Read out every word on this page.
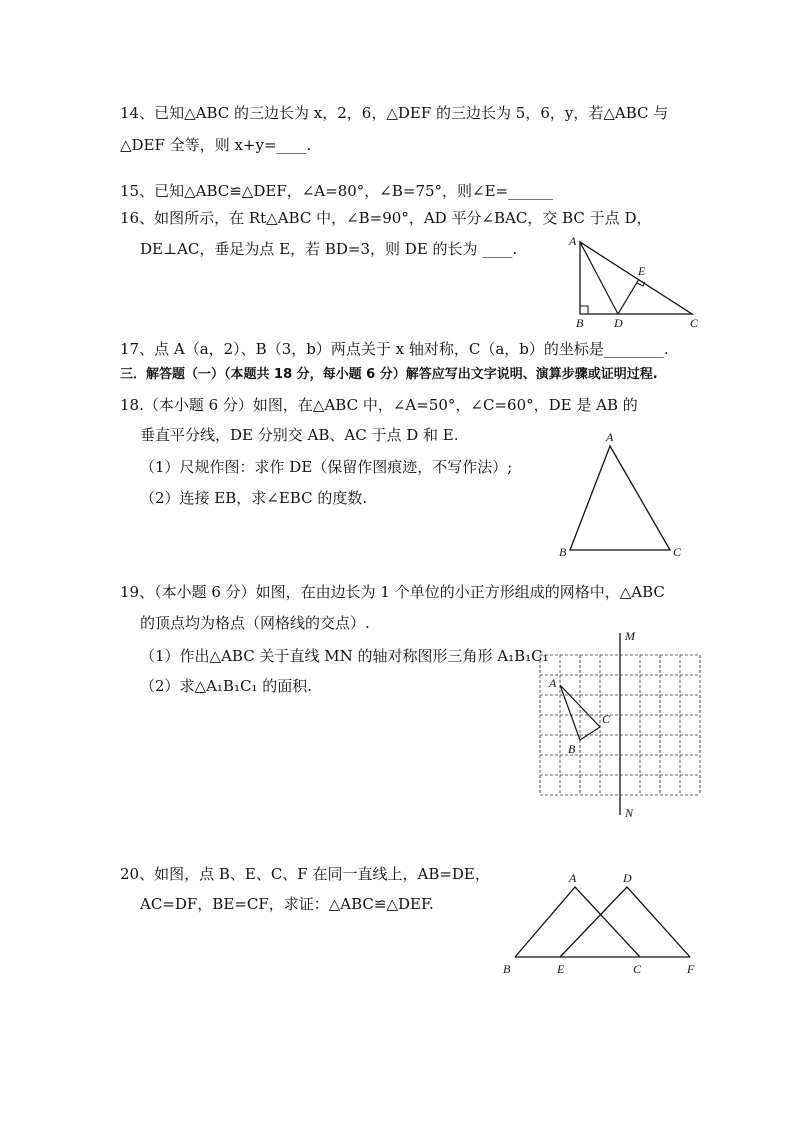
14、已知△ABC 的三边长为 x，2，6，△DEF 的三边长为 5，6，y，若△ABC 与
△DEF 全等，则 x+y=____.
15、已知△ABC≌△DEF，∠A=80°，∠B=75°，则∠E=______
16、如图所示，在 Rt△ABC 中，∠B=90°，AD 平分∠BAC，交 BC 于点 D，
DE⊥AC，垂足为点 E，若 BD=3，则 DE 的长为 ____.	A
B	C
D
E
17、点 A（a，2）、B（3，b）两点关于 x 轴对称，C（a，b）的坐标是________.
三．解答题（一）（本题共 18 分，每小题 6 分）解答应写出文字说明、演算步骤或证明过程.
18.（本小题 6 分）如图，在△ABC 中，∠A=50°，∠C=60°，DE 是 AB 的
垂直平分线，DE 分别交 AB、AC 于点 D 和 E.
（1）尺规作图：求作 DE（保留作图痕迹，不写作法）;
（2）连接 EB，求∠EBC 的度数.
A
B	C
19、（本小题 6 分）如图，在由边长为 1 个单位的小正方形组成的网格中，△ABC
的顶点均为格点（网格线的交点）.
（1）作出△ABC 关于直线 MN 的轴对称图形三角形 A₁B₁C₁
（2）求△A₁B₁C₁ 的面积.
M
N
A
B
C
20、如图，点 B、E、C、F 在同一直线上，AB=DE，
AC=DF，BE=CF，求证：△ABC≌△DEF.
A	D
B	E	C	F
